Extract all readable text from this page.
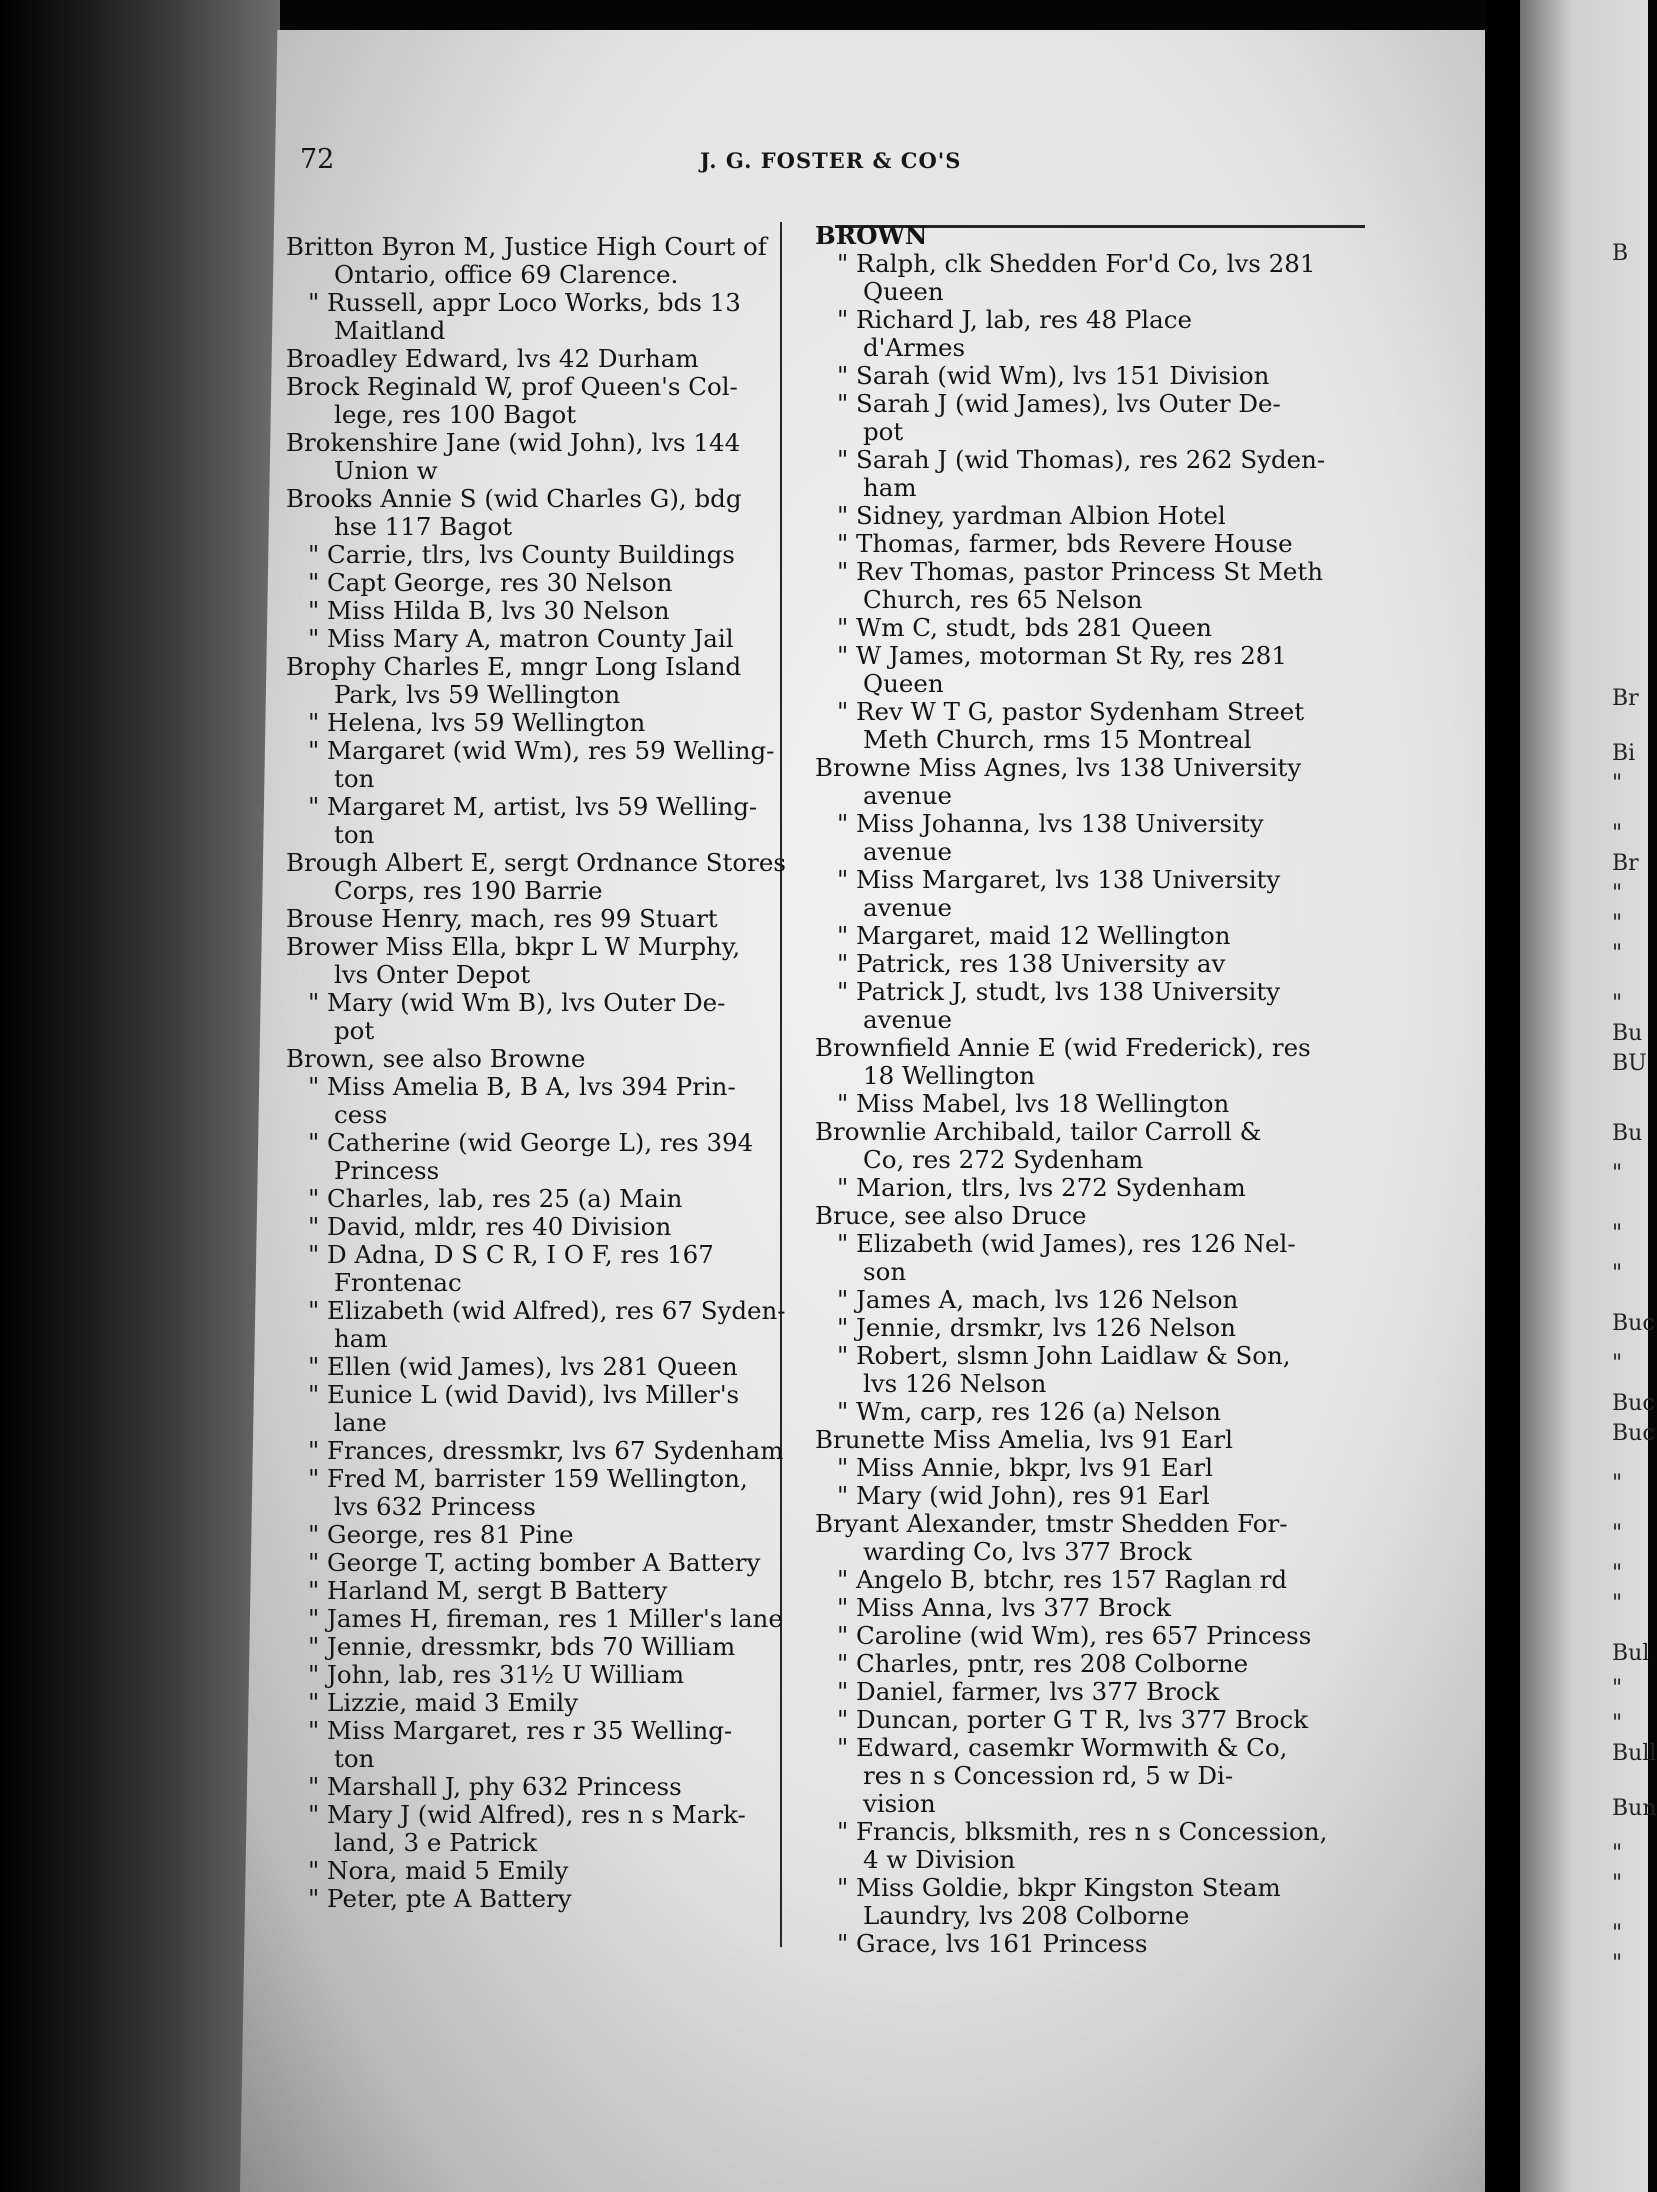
72	J. G. FOSTER & CO'S
Britton Byron M, Justice High Court of
Ontario, office 69 Clarence.
" Russell, appr Loco Works, bds 13
Maitland
Broadley Edward, lvs 42 Durham
Brock Reginald W, prof Queen's Col-
lege, res 100 Bagot
Brokenshire Jane (wid John), lvs 144
Union w
Brooks Annie S (wid Charles G), bdg
hse 117 Bagot
" Carrie, tlrs, lvs County Buildings
" Capt George, res 30 Nelson
" Miss Hilda B, lvs 30 Nelson
" Miss Mary A, matron County Jail
Brophy Charles E, mngr Long Island
Park, lvs 59 Wellington
" Helena, lvs 59 Wellington
" Margaret (wid Wm), res 59 Welling-
ton
" Margaret M, artist, lvs 59 Welling-
ton
Brough Albert E, sergt Ordnance Stores
Corps, res 190 Barrie
Brouse Henry, mach, res 99 Stuart
Brower Miss Ella, bkpr L W Murphy,
lvs Onter Depot
" Mary (wid Wm B), lvs Outer De-
pot
Brown, see also Browne
" Miss Amelia B, B A, lvs 394 Prin-
cess
" Catherine (wid George L), res 394
Princess
" Charles, lab, res 25 (a) Main
" David, mldr, res 40 Division
" D Adna, D S C R, I O F, res 167
Frontenac
" Elizabeth (wid Alfred), res 67 Syden-
ham
" Ellen (wid James), lvs 281 Queen
" Eunice L (wid David), lvs Miller's
lane
" Frances, dressmkr, lvs 67 Sydenham
" Fred M, barrister 159 Wellington,
lvs 632 Princess
" George, res 81 Pine
" George T, acting bomber A Battery
" Harland M, sergt B Battery
" James H, fireman, res 1 Miller's lane
" Jennie, dressmkr, bds 70 William
" John, lab, res 31½ U William
" Lizzie, maid 3 Emily
" Miss Margaret, res r 35 Welling-
ton
" Marshall J, phy 632 Princess
" Mary J (wid Alfred), res n s Mark-
land, 3 e Patrick
" Nora, maid 5 Emily
" Peter, pte A Battery
BROWN
" Ralph, clk Shedden For'd Co, lvs 281
Queen
" Richard J, lab, res 48 Place
d'Armes
" Sarah (wid Wm), lvs 151 Division
" Sarah J (wid James), lvs Outer De-
pot
" Sarah J (wid Thomas), res 262 Syden-
ham
" Sidney, yardman Albion Hotel
" Thomas, farmer, bds Revere House
" Rev Thomas, pastor Princess St Meth
Church, res 65 Nelson
" Wm C, studt, bds 281 Queen
" W James, motorman St Ry, res 281
Queen
" Rev W T G, pastor Sydenham Street
Meth Church, rms 15 Montreal
Browne Miss Agnes, lvs 138 University
avenue
" Miss Johanna, lvs 138 University
avenue
" Miss Margaret, lvs 138 University
avenue
" Margaret, maid 12 Wellington
" Patrick, res 138 University av
" Patrick J, studt, lvs 138 University
avenue
Brownfield Annie E (wid Frederick), res
18 Wellington
" Miss Mabel, lvs 18 Wellington
Brownlie Archibald, tailor Carroll &
Co, res 272 Sydenham
" Marion, tlrs, lvs 272 Sydenham
Bruce, see also Druce
" Elizabeth (wid James), res 126 Nel-
son
" James A, mach, lvs 126 Nelson
" Jennie, drsmkr, lvs 126 Nelson
" Robert, slsmn John Laidlaw & Son,
lvs 126 Nelson
" Wm, carp, res 126 (a) Nelson
Brunette Miss Amelia, lvs 91 Earl
" Miss Annie, bkpr, lvs 91 Earl
" Mary (wid John), res 91 Earl
Bryant Alexander, tmstr Shedden For-
warding Co, lvs 377 Brock
" Angelo B, btchr, res 157 Raglan rd
" Miss Anna, lvs 377 Brock
" Caroline (wid Wm), res 657 Princess
" Charles, pntr, res 208 Colborne
" Daniel, farmer, lvs 377 Brock
" Duncan, porter G T R, lvs 377 Brock
" Edward, casemkr Wormwith & Co,
res n s Concession rd, 5 w Di-
vision
" Francis, blksmith, res n s Concession,
4 w Division
" Miss Goldie, bkpr Kingston Steam
Laundry, lvs 208 Colborne
" Grace, lvs 161 Princess
B
Br
Bi
"
"
Br
"
"
"
"
Bu
BU
Bu
"
"
"
Buc
"
Buc
Buc
"
"
"
"
Bul
"
"
Bull
Bun
"
"
"
"
